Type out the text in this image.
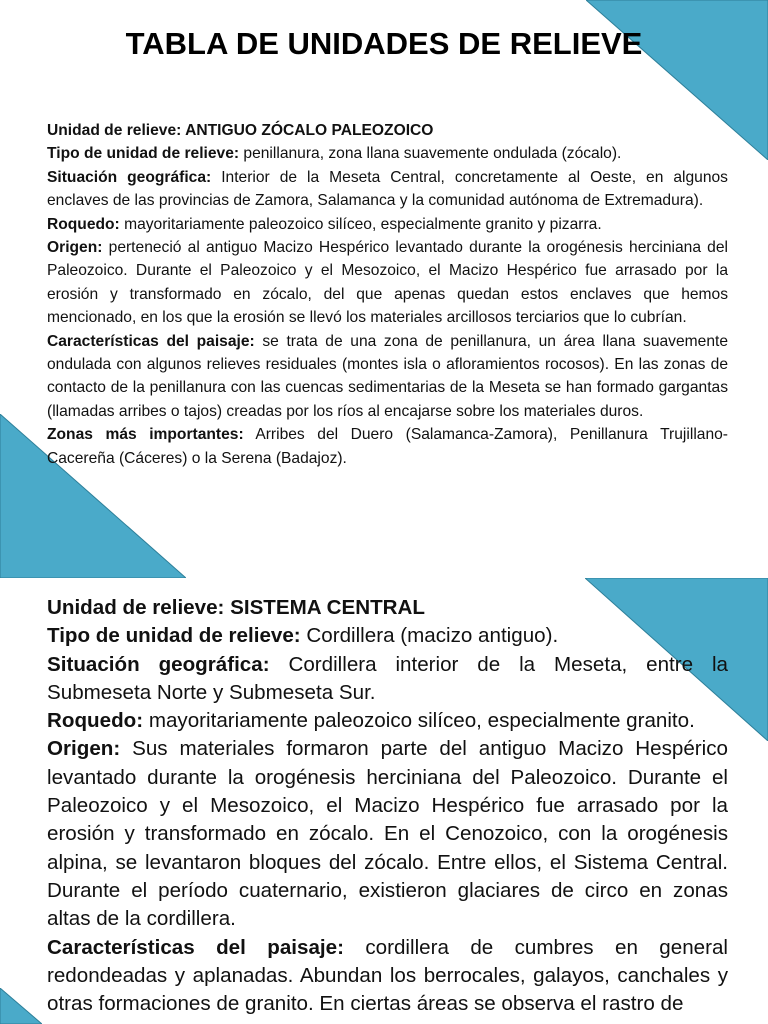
TABLA DE UNIDADES DE RELIEVE

Unidad de relieve: ANTIGUO ZÓCALO PALEOZOICO

Tipo de unidad de relieve: penillanura, zona llana suavemente ondulada (zócalo).

Situación geográfica: Interior de la Meseta Central, concretamente al Oeste, en algunos enclaves de las provincias de Zamora, Salamanca y la comunidad autónoma de Extremadura).

Roquedo: mayoritariamente paleozoico silíceo, especialmente granito y pizarra.

Origen: perteneció al antiguo Macizo Hespérico levantado durante la orogénesis herciniana del Paleozoico. Durante el Paleozoico y el Mesozoico, el Macizo Hespérico fue arrasado por la erosión y transformado en zócalo, del que apenas quedan estos enclaves que hemos mencionado, en los que la erosión se llevó los materiales arcillosos terciarios que lo cubrían.

Características del paisaje: se trata de una zona de penillanura, un área llana suavemente ondulada con algunos relieves residuales (montes isla o afloramientos rocosos). En las zonas de contacto de la penillanura con las cuencas sedimentarias de la Meseta se han formado gargantas (llamadas arribes o tajos) creadas por los ríos al encajarse sobre los materiales duros.

Zonas más importantes: Arribes del Duero (Salamanca-Zamora), Penillanura Trujillano-Cacereña (Cáceres) o la Serena (Badajoz).

Unidad de relieve: SISTEMA CENTRAL

Tipo de unidad de relieve: Cordillera (macizo antiguo).

Situación geográfica: Cordillera interior de la Meseta, entre la Submeseta Norte y Submeseta Sur.

Roquedo: mayoritariamente paleozoico silíceo, especialmente granito.

Origen: Sus materiales formaron parte del antiguo Macizo Hespérico levantado durante la orogénesis herciniana del Paleozoico. Durante el Paleozoico y el Mesozoico, el Macizo Hespérico fue arrasado por la erosión y transformado en zócalo. En el Cenozoico, con la orogénesis alpina, se levantaron bloques del zócalo. Entre ellos, el Sistema Central. Durante el período cuaternario, existieron glaciares de circo en zonas altas de la cordillera.

Características del paisaje: cordillera de cumbres en general redondeadas y aplanadas. Abundan los berrocales, galayos, canchales y otras formaciones de granito. En ciertas áreas se observa el rastro de
